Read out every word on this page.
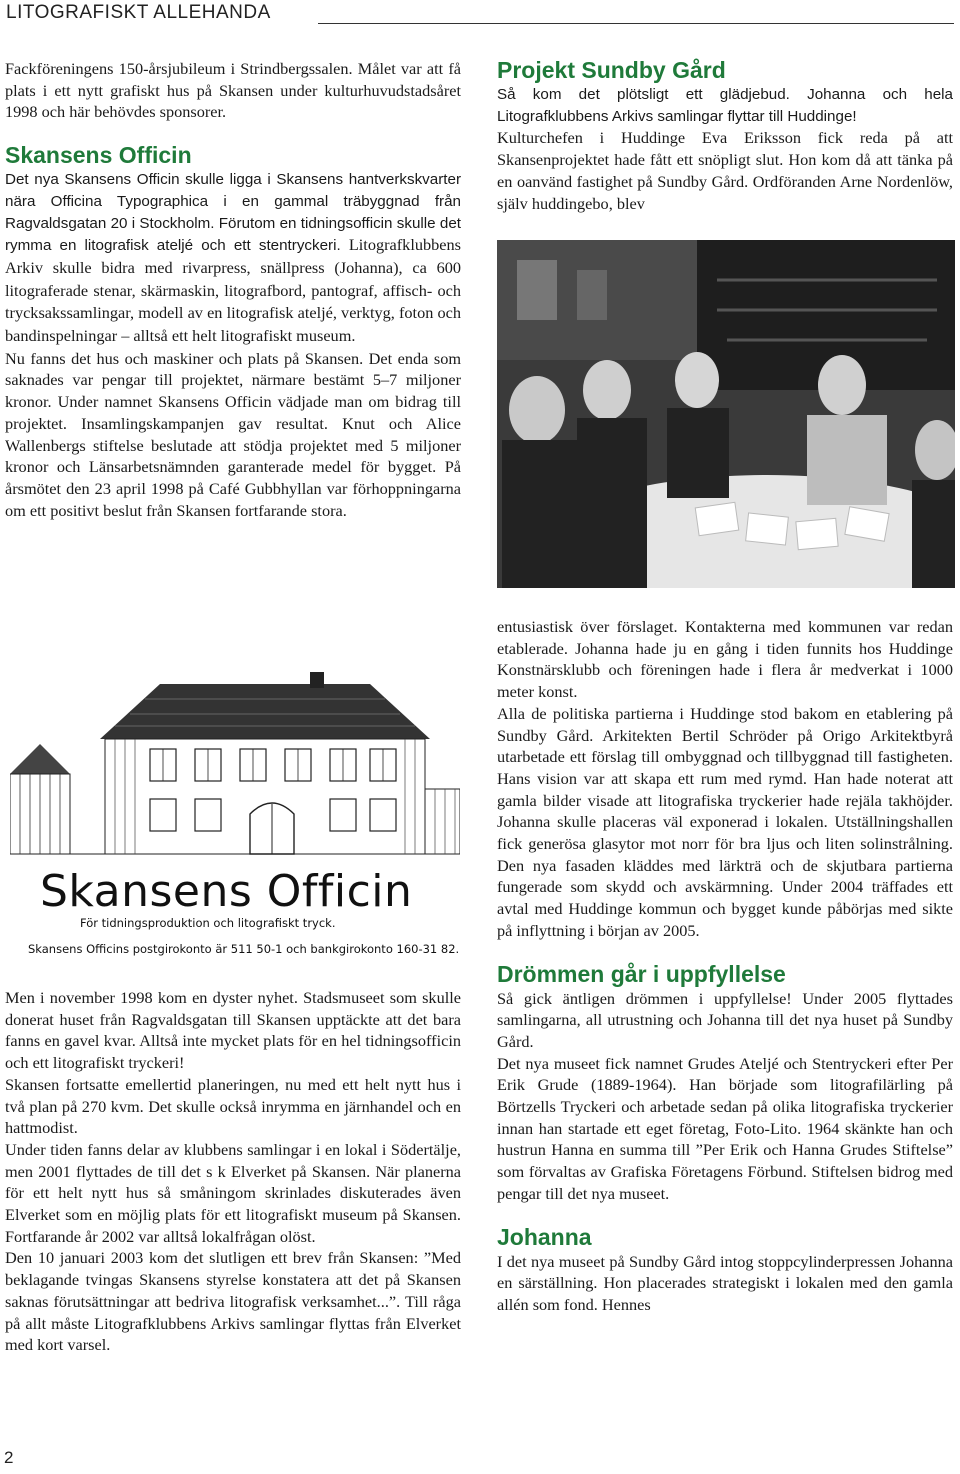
LITOGRAFISKT ALLEHANDA

Fackföreningens 150-årsjubileum i Strindbergssalen. Målet var att få plats i ett nytt grafiskt hus på Skansen under kulturhuvudstadsåret 1998 och här behövdes sponsorer.

Skansens Officin

Det nya Skansens Officin skulle ligga i Skansens hantverkskvarter nära Officina Typographica i en gammal träbyggnad från Ragvaldsgatan 20 i Stockholm. Förutom en tidningsofficin skulle det rymma en litografisk ateljé och ett stentryckeri. Litografklubbens Arkiv skulle bidra med rivarpress, snällpress (Johanna), ca 600 litograferade stenar, skärmaskin, litografbord, pantograf, affisch- och trycksakssamlingar, modell av en litografisk ateljé, verktyg, foton och bandinspelningar – alltså ett helt litografiskt museum.

Nu fanns det hus och maskiner och plats på Skansen. Det enda som saknades var pengar till projektet, närmare bestämt 5–7 miljoner kronor. Under namnet Skansens Officin vädjade man om bidrag till projektet. Insamlingskampanjen gav resultat. Knut och Alice Wallenbergs stiftelse beslutade att stödja projektet med 5 miljoner kronor och Länsarbetsnämnden garanterade medel för bygget. På årsmötet den 23 april 1998 på Café Gubbhyllan var förhoppningarna om ett positivt beslut från Skansen fortfarande stora.

Skansens Officin
För tidningsproduktion och litografiskt tryck.
Skansens Officins postgirokonto är 511 50-1 och bankgirokonto 160-31 82.

Men i november 1998 kom en dyster nyhet. Stadsmuseet som skulle donerat huset från Ragvaldsgatan till Skansen upptäckte att det bara fanns en gavel kvar. Alltså inte mycket plats för en hel tidningsofficin och ett litografiskt tryckeri!

Skansen fortsatte emellertid planeringen, nu med ett helt nytt hus i två plan på 270 kvm. Det skulle också inrymma en järnhandel och en hattmodist.

Under tiden fanns delar av klubbens samlingar i en lokal i Södertälje, men 2001 flyttades de till det s k Elverket på Skansen. När planerna för ett helt nytt hus så småningom skrinlades diskuterades även Elverket som en möjlig plats för ett litografiskt museum på Skansen. Fortfarande år 2002 var alltså lokalfrågan olöst.

Den 10 januari 2003 kom det slutligen ett brev från Skansen: ”Med beklagande tvingas Skansens styrelse konstatera att det på Skansen saknas förutsättningar att bedriva litografisk verksamhet...”. Till råga på allt måste Litografklubbens Arkivs samlingar flyttas från Elverket med kort varsel.

Projekt Sundby Gård

Så kom det plötsligt ett glädjebud. Johanna och hela Litografklubbens Arkivs samlingar flyttar till Huddinge!

Kulturchefen i Huddinge Eva Eriksson fick reda på att Skansenprojektet hade fått ett snöpligt slut. Hon kom då att tänka på en oanvänd fastighet på Sundby Gård. Ordföranden Arne Nordenlöw, själv huddingebo, blev

entusiastisk över förslaget. Kontakterna med kommunen var redan etablerade. Johanna hade ju en gång i tiden funnits hos Huddinge Konstnärsklubb och föreningen hade i flera år medverkat i 1000 meter konst.

Alla de politiska partierna i Huddinge stod bakom en etablering på Sundby Gård. Arkitekten Bertil Schröder på Origo Arkitektbyrå utarbetade ett förslag till ombyggnad och tillbyggnad till fastigheten. Hans vision var att skapa ett rum med rymd. Han hade noterat att gamla bilder visade att litografiska tryckerier hade rejäla takhöjder. Johanna skulle placeras väl exponerad i lokalen. Utställningshallen fick generösa glasytor mot norr för bra ljus och liten solinstrålning. Den nya fasaden kläddes med lärkträ och de skjutbara partierna fungerade som skydd och avskärmning. Under 2004 träffades ett avtal med Huddinge kommun och bygget kunde påbörjas med sikte på inflyttning i början av 2005.

Drömmen går i uppfyllelse

Så gick äntligen drömmen i uppfyllelse! Under 2005 flyttades samlingarna, all utrustning och Johanna till det nya huset på Sundby Gård.

Det nya museet fick namnet Grudes Ateljé och Stentryckeri efter Per Erik Grude (1889-1964). Han började som litografilärling på Börtzells Tryckeri och arbetade sedan på olika litografiska tryckerier innan han startade ett eget företag, Foto-Lito. 1964 skänkte han och hustrun Hanna en summa till ”Per Erik och Hanna Grudes Stiftelse” som förvaltas av Grafiska Företagens Förbund. Stiftelsen bidrog med pengar till det nya museet.

Johanna

I det nya museet på Sundby Gård intog stoppcylinderpressen Johanna en särställning. Hon placerades strategiskt i lokalen med den gamla allén som fond. Hennes

2
